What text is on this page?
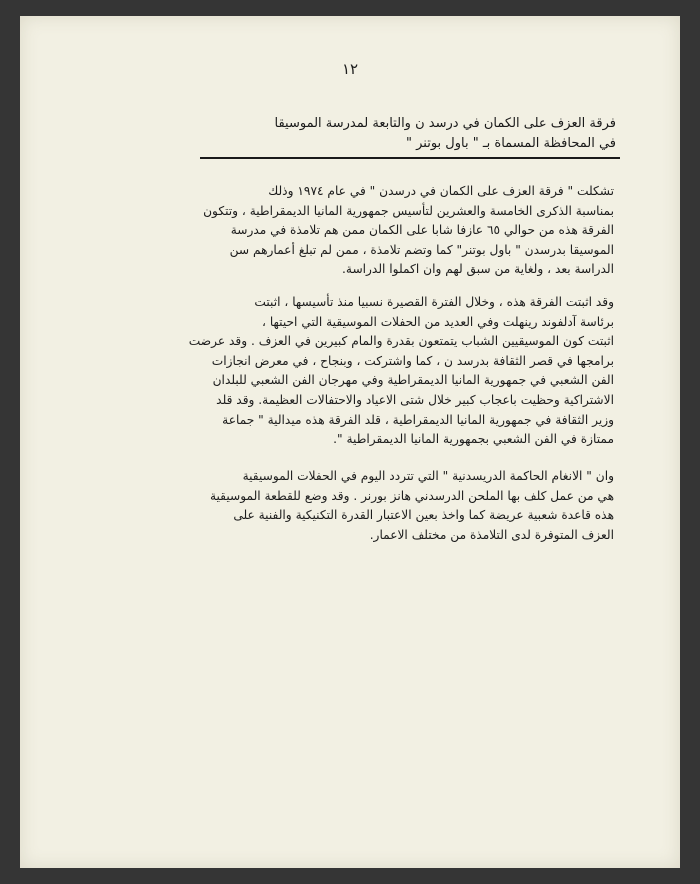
١٢
فرقة العزف على الكمان في درسد ن والتابعة لمدرسة الموسيقا
في المحافظة المسماة بـ " باول بوتنر "
تشكلت " فرقة العزف على الكمان في درسدن " في عام ١٩٧٤ وذلك
بمناسبة الذكرى الخامسة والعشرين لتأسيس جمهورية المانيا الديمقراطية ، وتتكون
الفرقة هذه من حوالي ٦٥ عازفا شابا على الكمان ممن هم تلامذة في مدرسة
الموسيقا بدرسدن " باول بوتنر" كما وتضم تلامذة ، ممن لم تبلغ أعمارهم سن
الدراسة بعد ، ولغاية من سبق لهم وان اكملوا الدراسة.
وقد اثبتت الفرقة هذه ، وخلال الفترة القصيرة نسبيا منذ تأسيسها ، اثبتت
برئاسة آدلفوند رينهلت وفي العديد من الحفلات الموسيقية التي احيتها ،
اثبتت كون الموسيقيين الشباب يتمتعون بقدرة والمام كبيرين في العزف . وقد عرضت
برامجها في قصر الثقافة بدرسد ن ، كما واشتركت ، وبنجاح ، في معرض انجازات
الفن الشعبي في جمهورية المانيا الديمقراطية وفي مهرجان الفن الشعبي للبلدان
الاشتراكية وحظيت باعجاب كبير خلال شتى الاعياد والاحتفالات العظيمة. وقد قلد
وزير الثقافة في جمهورية المانيا الديمقراطية ، قلد الفرقة هذه ميدالية " جماعة
ممتازة في الفن الشعبي بجمهورية المانيا الديمقراطية ".
وان " الانغام الحاكمة الدريسدنية " التي تتردد اليوم في الحفلات الموسيقية
هي من عمل كلف بها الملحن الدرسدني هانز بورنر . وقد وضع للقطعة الموسيقية
هذه قاعدة شعبية عريضة كما واخذ بعين الاعتبار القدرة التكنيكية والفنية على
العزف المتوفرة لدى التلامذة من مختلف الاعمار.
